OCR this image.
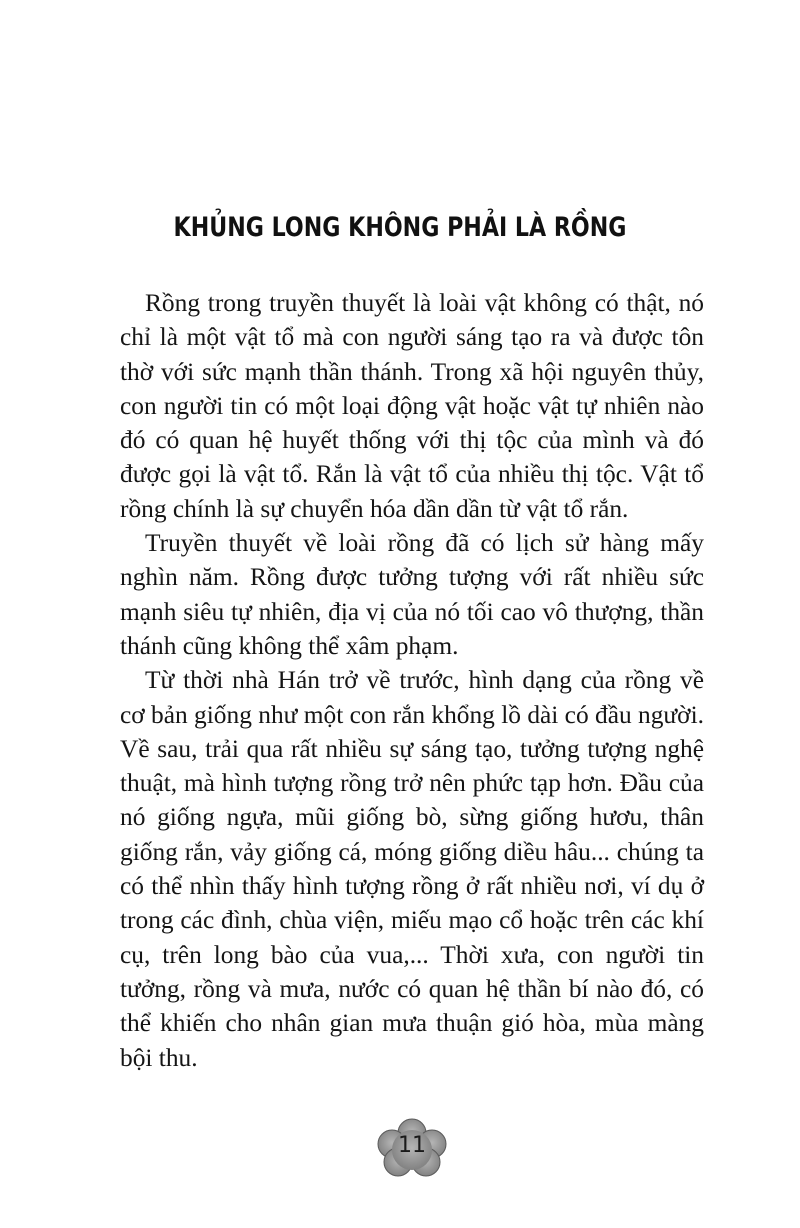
KHỦNG LONG KHÔNG PHẢI LÀ RỒNG

Rồng trong truyền thuyết là loài vật không có thật, nó chỉ là một vật tổ mà con người sáng tạo ra và được tôn thờ với sức mạnh thần thánh. Trong xã hội nguyên thủy, con người tin có một loại động vật hoặc vật tự nhiên nào đó có quan hệ huyết thống với thị tộc của mình và đó được gọi là vật tổ. Rắn là vật tổ của nhiều thị tộc. Vật tổ rồng chính là sự chuyển hóa dần dần từ vật tổ rắn.

Truyền thuyết về loài rồng đã có lịch sử hàng mấy nghìn năm. Rồng được tưởng tượng với rất nhiều sức mạnh siêu tự nhiên, địa vị của nó tối cao vô thượng, thần thánh cũng không thể xâm phạm.

Từ thời nhà Hán trở về trước, hình dạng của rồng về cơ bản giống như một con rắn khổng lồ dài có đầu người. Về sau, trải qua rất nhiều sự sáng tạo, tưởng tượng nghệ thuật, mà hình tượng rồng trở nên phức tạp hơn. Đầu của nó giống ngựa, mũi giống bò, sừng giống hươu, thân giống rắn, vảy giống cá, móng giống diều hâu... chúng ta có thể nhìn thấy hình tượng rồng ở rất nhiều nơi, ví dụ ở trong các đình, chùa viện, miếu mạo cổ hoặc trên các khí cụ, trên long bào của vua,... Thời xưa, con người tin tưởng, rồng và mưa, nước có quan hệ thần bí nào đó, có thể khiến cho nhân gian mưa thuận gió hòa, mùa màng bội thu.

11
